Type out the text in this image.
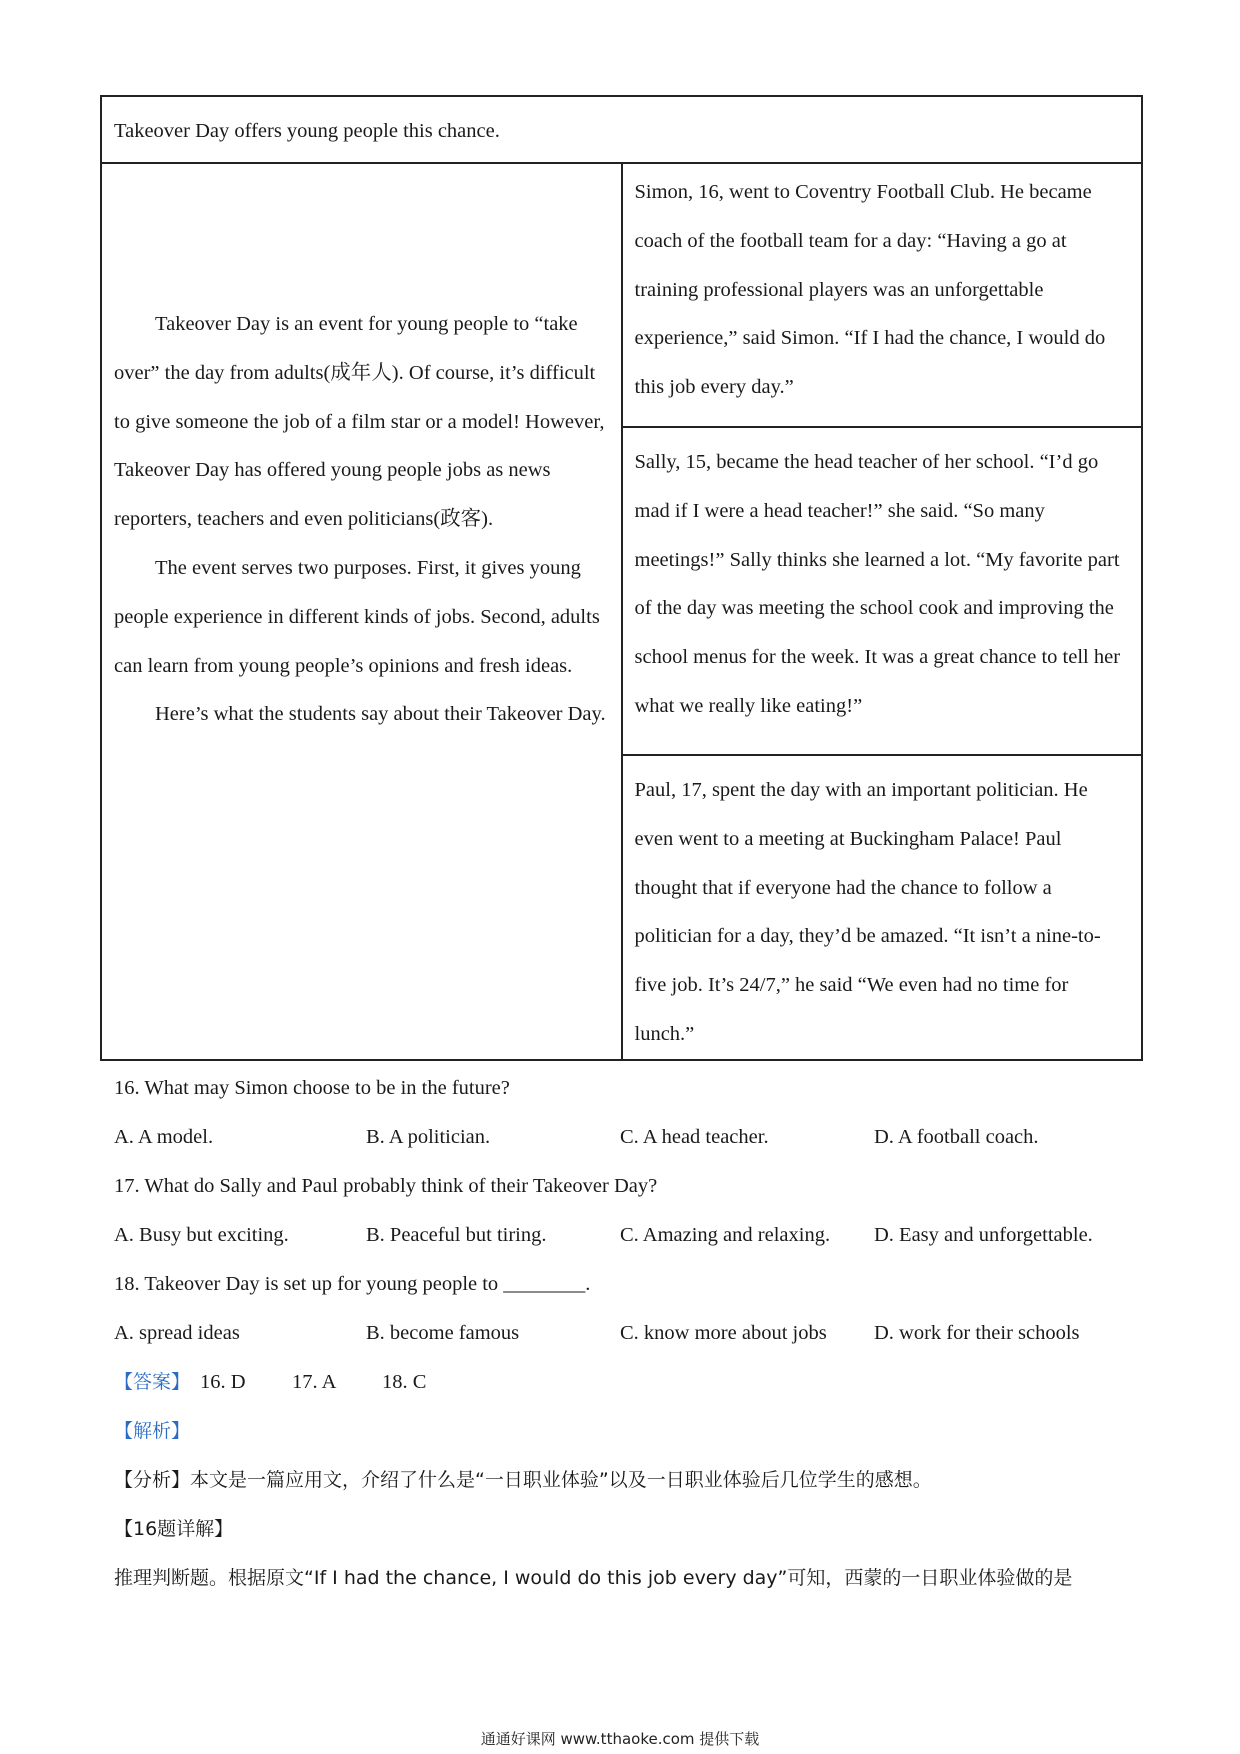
Takeover Day offers young people this chance.

Takeover Day is an event for young people to “take over” the day from adults(成年人). Of course, it’s difficult to give someone the job of a film star or a model! However, Takeover Day has offered young people jobs as news reporters, teachers and even politicians(政客).

The event serves two purposes. First, it gives young people experience in different kinds of jobs. Second, adults can learn from young people’s opinions and fresh ideas.

Here’s what the students say about their Takeover Day.

Simon, 16, went to Coventry Football Club. He became coach of the football team for a day: “Having a go at training professional players was an unforgettable experience,” said Simon. “If I had the chance, I would do this job every day.”
Sally, 15, became the head teacher of her school. “I’d go mad if I were a head teacher!” she said. “So many meetings!” Sally thinks she learned a lot. “My favorite part of the day was meeting the school cook and improving the school menus for the week. It was a great chance to tell her what we really like eating!”
Paul, 17, spent the day with an important politician. He even went to a meeting at Buckingham Palace! Paul thought that if everyone had the chance to follow a politician for a day, they’d be amazed. “It isn’t a nine-to-five job. It’s 24/7,” he said “We even had no time for lunch.”
16. What may Simon choose to be in the future?
A. A model.	B. A politician.	C. A head teacher.	D. A football coach.
17. What do Sally and Paul probably think of their Takeover Day?
A. Busy but exciting.	B. Peaceful but tiring.	C. Amazing and relaxing. D. Easy and unforgettable.
18. Takeover Day is set up for young people to ________.
A. spread ideas	B. become famous	C. know more about jobs D. work for their schools
【答案】 16. D 17. A 18. C
【解析】
【分析】本文是一篇应用文，介绍了什么是“一日职业体验”以及一日职业体验后几位学生的感想。
【16题详解】
推理判断题。根据原文“If I had the chance, I would do this job every day”可知，西蒙的一日职业体验做的是
通通好课网 www.tthaoke.com 提供下载
